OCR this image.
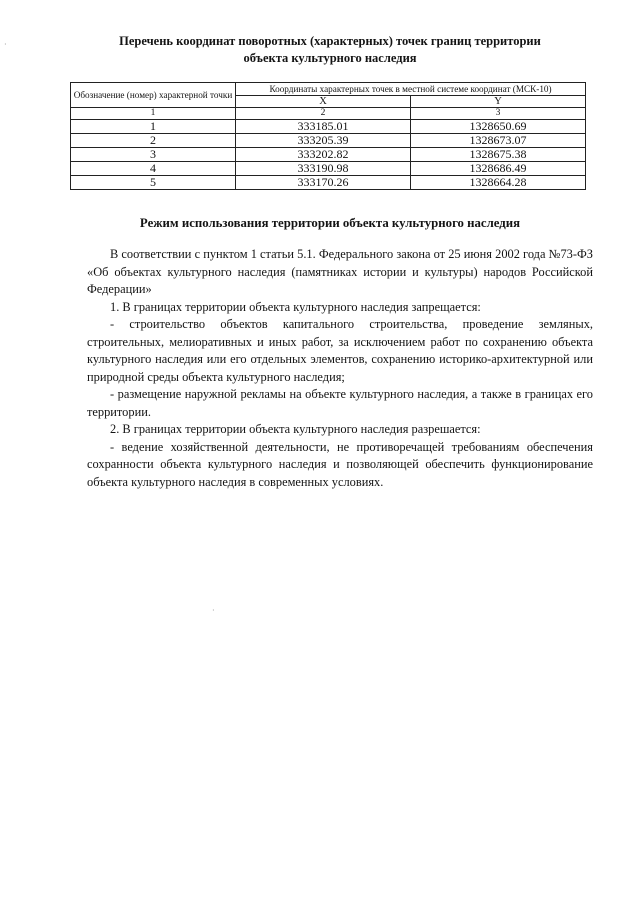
Перечень координат поворотных (характерных) точек границ территории
объекта культурного наследия
Обозначение (номер) характерной точки	Координаты характерных точек в местной системе координат (МСК-10)	
	X	Y
1	2	3
1	333185.01	1328650.69
2	333205.39	1328673.07
3	333202.82	1328675.38
4	333190.98	1328686.49
5	333170.26	1328664.28
Режим использования территории объекта культурного наследия

В соответствии с пунктом 1 статьи 5.1. Федерального закона от 25 июня 2002 года №73-ФЗ «Об объектах культурного наследия (памятниках истории и культуры) народов Российской Федерации»

1. В границах территории объекта культурного наследия запрещается:

- строительство объектов капитального строительства, проведение земляных, строительных, мелиоративных и иных работ, за исключением работ по сохранению объекта культурного наследия или его отдельных элементов, сохранению историко-архитектурной или природной среды объекта культурного наследия;

- размещение наружной рекламы на объекте культурного наследия, а также в границах его территории.

2. В границах территории объекта культурного наследия разрешается:

- ведение хозяйственной деятельности, не противоречащей требованиям обеспечения сохранности объекта культурного наследия и позволяющей обеспечить функционирование объекта культурного наследия в современных условиях.

·
·
